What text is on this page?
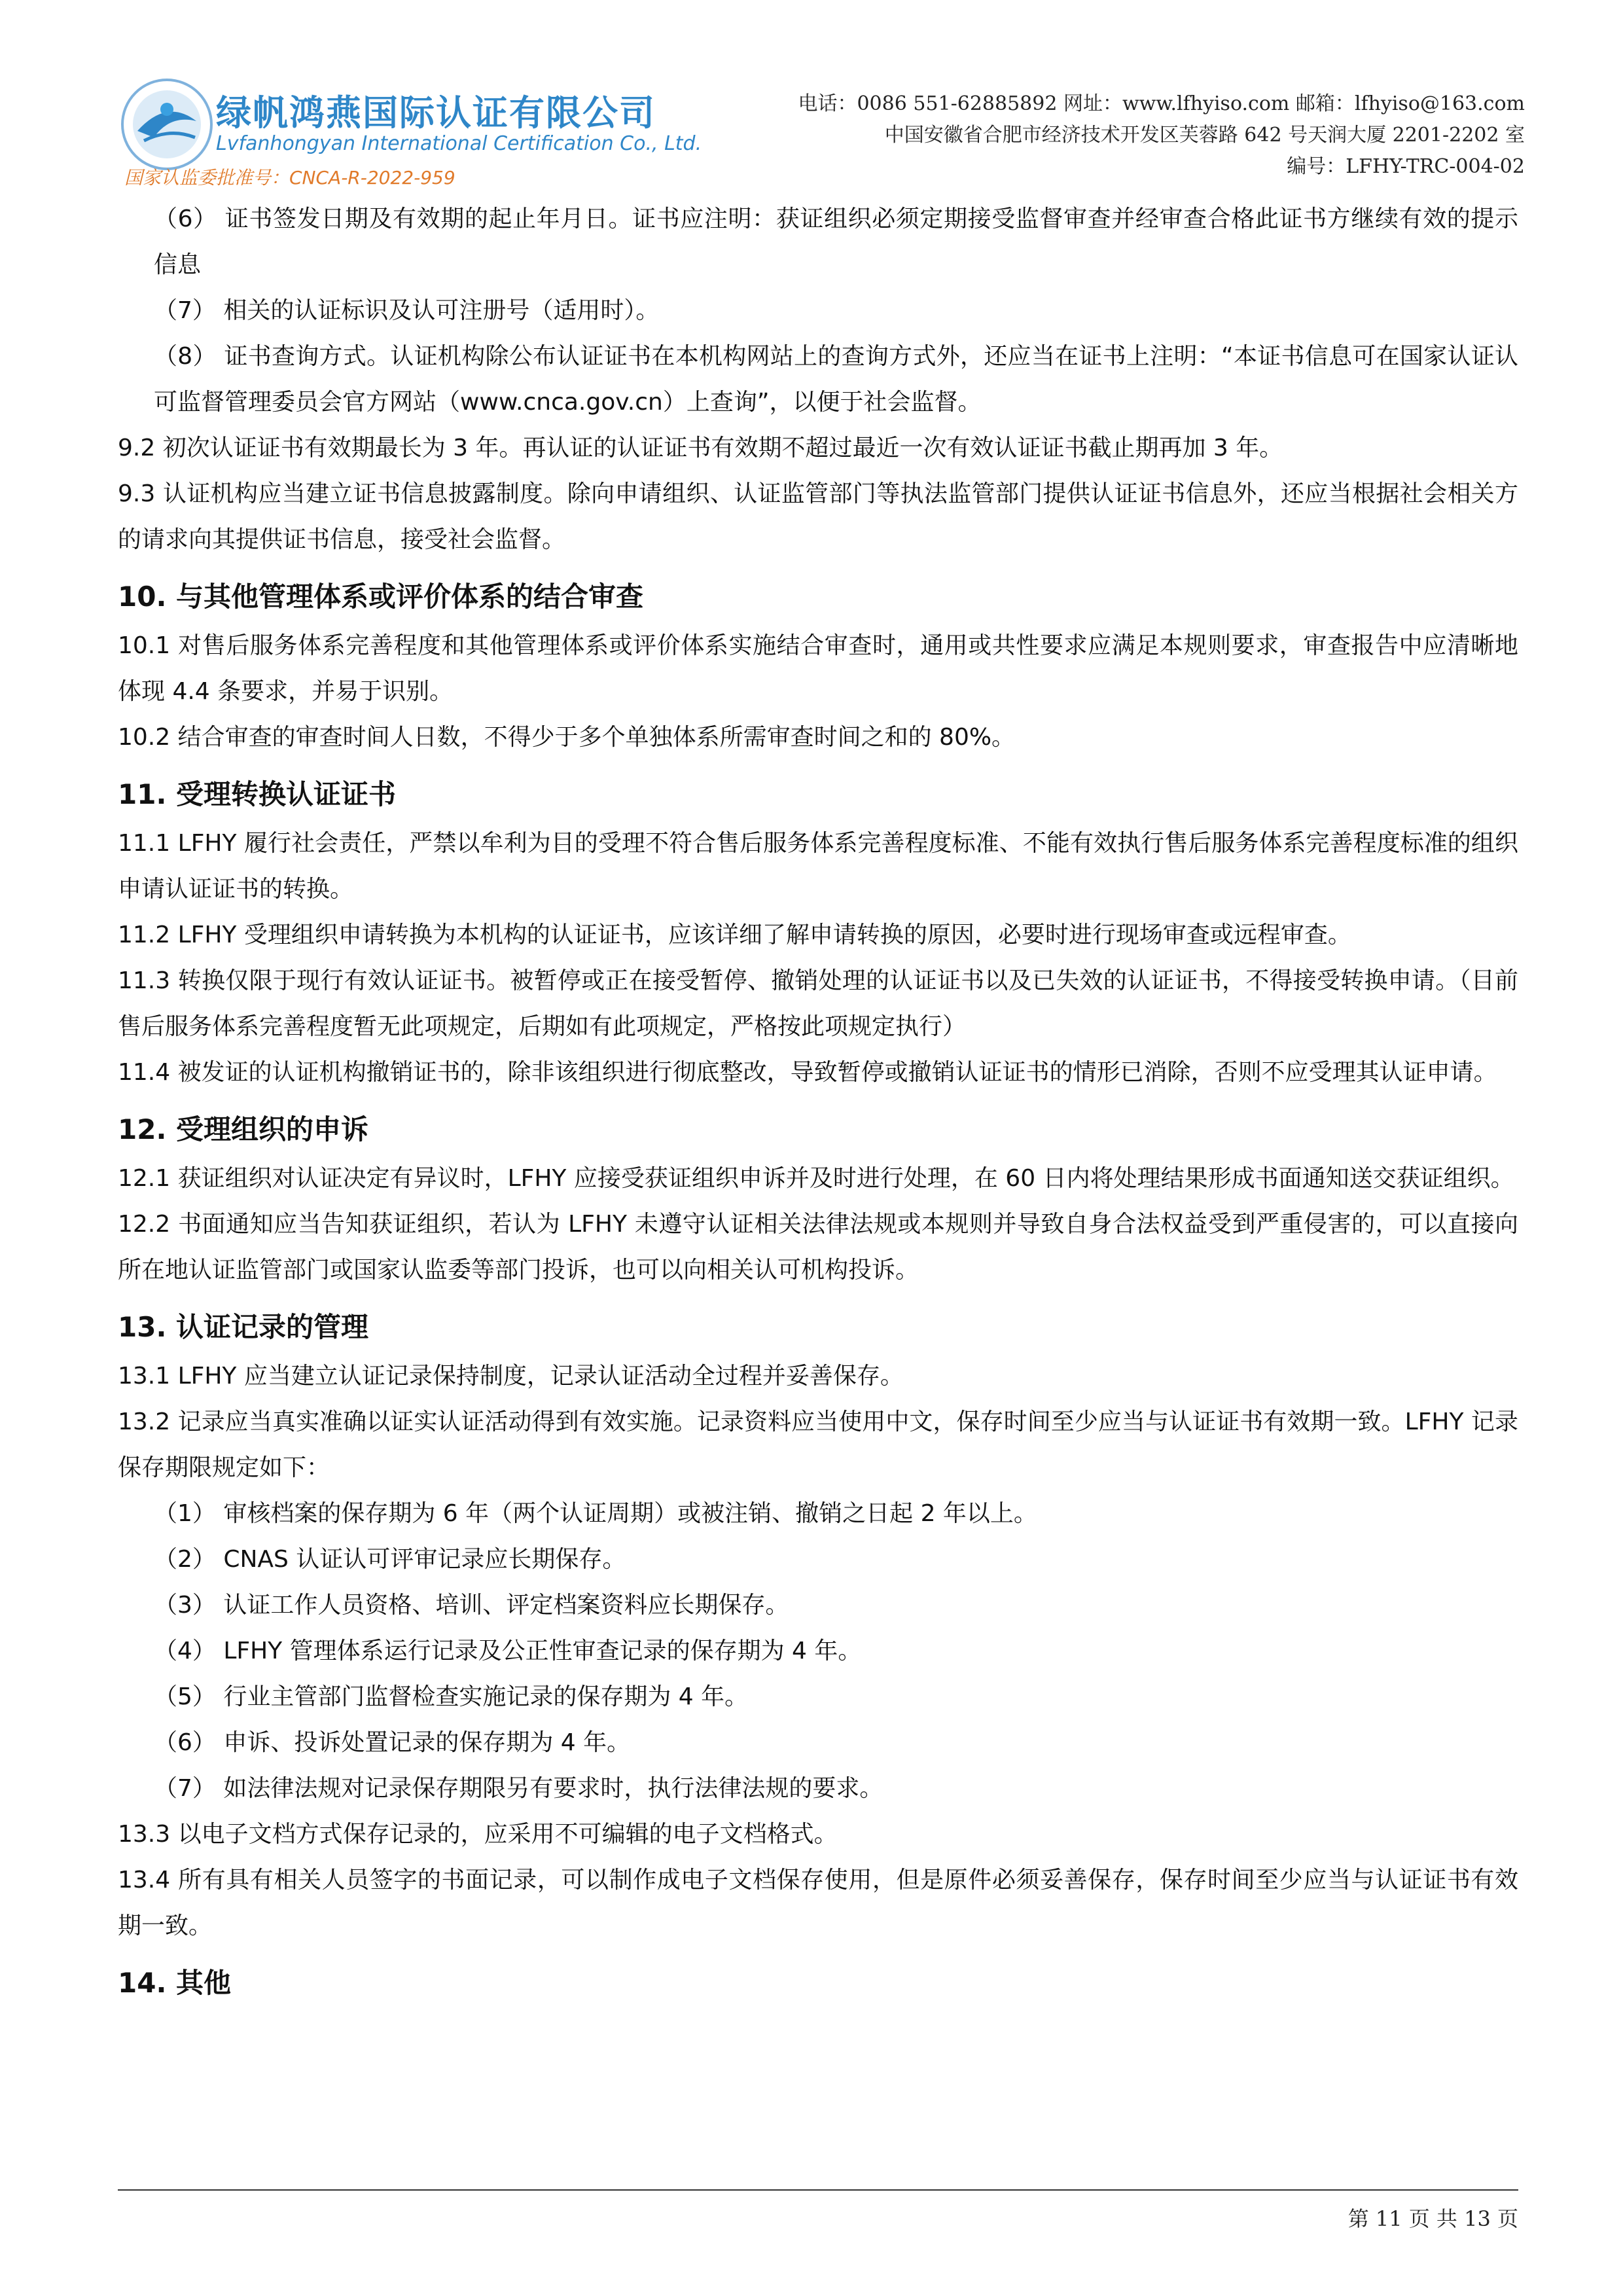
绿帆鸿燕国际认证有限公司
Lvfanhongyan International Certification Co., Ltd.
国家认监委批准号：CNCA-R-2022-959
电话：0086 551-62885892 网址：www.lfhyiso.com 邮箱：lfhyiso@163.com
中国安徽省合肥市经济技术开发区芙蓉路 642 号天润大厦 2201-2202 室
编号：LFHY-TRC-004-02

（6） 证书签发日期及有效期的起止年月日。证书应注明：获证组织必须定期接受监督审查并经审查合格此证书方继续有效的提示信息

（7） 相关的认证标识及认可注册号（适用时）。

（8） 证书查询方式。认证机构除公布认证证书在本机构网站上的查询方式外，还应当在证书上注明：“本证书信息可在国家认证认可监督管理委员会官方网站（www.cnca.gov.cn）上查询”，以便于社会监督。

9.2 初次认证证书有效期最长为 3 年。再认证的认证证书有效期不超过最近一次有效认证证书截止期再加 3 年。

9.3 认证机构应当建立证书信息披露制度。除向申请组织、认证监管部门等执法监管部门提供认证证书信息外，还应当根据社会相关方的请求向其提供证书信息，接受社会监督。

10. 与其他管理体系或评价体系的结合审查

10.1 对售后服务体系完善程度和其他管理体系或评价体系实施结合审查时，通用或共性要求应满足本规则要求，审查报告中应清晰地体现 4.4 条要求，并易于识别。

10.2 结合审查的审查时间人日数，不得少于多个单独体系所需审查时间之和的 80%。

11. 受理转换认证证书

11.1 LFHY 履行社会责任，严禁以牟利为目的受理不符合售后服务体系完善程度标准、不能有效执行售后服务体系完善程度标准的组织申请认证证书的转换。

11.2 LFHY 受理组织申请转换为本机构的认证证书，应该详细了解申请转换的原因，必要时进行现场审查或远程审查。

11.3 转换仅限于现行有效认证证书。被暂停或正在接受暂停、撤销处理的认证证书以及已失效的认证证书，不得接受转换申请。（目前售后服务体系完善程度暂无此项规定，后期如有此项规定，严格按此项规定执行）

11.4 被发证的认证机构撤销证书的，除非该组织进行彻底整改，导致暂停或撤销认证证书的情形已消除，否则不应受理其认证申请。

12. 受理组织的申诉

12.1 获证组织对认证决定有异议时，LFHY 应接受获证组织申诉并及时进行处理，在 60 日内将处理结果形成书面通知送交获证组织。

12.2 书面通知应当告知获证组织，若认为 LFHY 未遵守认证相关法律法规或本规则并导致自身合法权益受到严重侵害的，可以直接向所在地认证监管部门或国家认监委等部门投诉，也可以向相关认可机构投诉。

13. 认证记录的管理

13.1 LFHY 应当建立认证记录保持制度，记录认证活动全过程并妥善保存。

13.2 记录应当真实准确以证实认证活动得到有效实施。记录资料应当使用中文，保存时间至少应当与认证证书有效期一致。LFHY 记录保存期限规定如下：

（1） 审核档案的保存期为 6 年（两个认证周期）或被注销、撤销之日起 2 年以上。

（2） CNAS 认证认可评审记录应长期保存。

（3） 认证工作人员资格、培训、评定档案资料应长期保存。

（4） LFHY 管理体系运行记录及公正性审查记录的保存期为 4 年。

（5） 行业主管部门监督检查实施记录的保存期为 4 年。

（6） 申诉、投诉处置记录的保存期为 4 年。

（7） 如法律法规对记录保存期限另有要求时，执行法律法规的要求。

13.3 以电子文档方式保存记录的，应采用不可编辑的电子文档格式。

13.4 所有具有相关人员签字的书面记录，可以制作成电子文档保存使用，但是原件必须妥善保存，保存时间至少应当与认证证书有效期一致。

14. 其他
第 11 页 共 13 页
